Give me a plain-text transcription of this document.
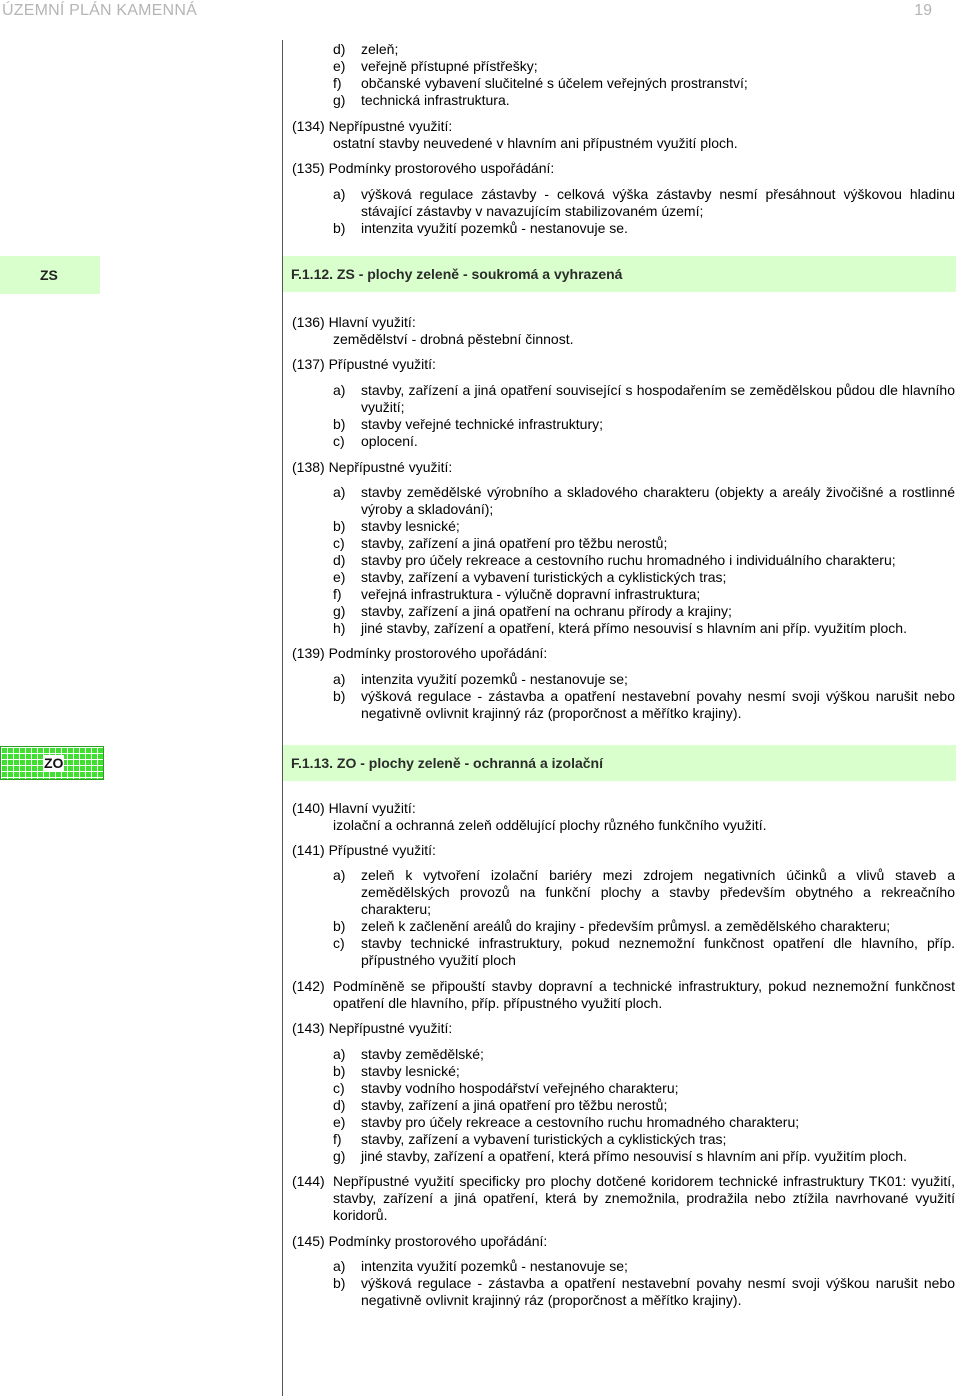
ÚZEMNÍ PLÁN KAMENNÁ	19
d) zeleň;
e) veřejně přístupné přístřešky;
f) občanské vybavení slučitelné s účelem veřejných prostranství;
g) technická infrastruktura.
(134) Nepřípustné využití:
ostatní stavby neuvedené v hlavním ani přípustném využití ploch.
(135) Podmínky prostorového uspořádání:
a) výšková regulace zástavby - celková výška zástavby nesmí přesáhnout výškovou hladinu stávající zástavby v navazujícím stabilizovaném území;
b) intenzita využití pozemků - nestanovuje se.
ZS	F.1.12. ZS - plochy zeleně - soukromá a vyhrazená
(136) Hlavní využití:
zemědělství - drobná pěstební činnost.
(137) Přípustné využití:
a) stavby, zařízení a jiná opatření související s hospodařením se zemědělskou půdou dle hlavního využití;
b) stavby veřejné technické infrastruktury;
c) oplocení.
(138) Nepřípustné využití:
a) stavby zemědělské výrobního a skladového charakteru (objekty a areály živočišné a rostlinné výroby a skladování);
b) stavby lesnické;
c) stavby, zařízení a jiná opatření pro těžbu nerostů;
d) stavby pro účely rekreace a cestovního ruchu hromadného i individuálního charakteru;
e) stavby, zařízení a vybavení turistických a cyklistických tras;
f) veřejná infrastruktura - výlučně dopravní infrastruktura;
g) stavby, zařízení a jiná opatření na ochranu přírody a krajiny;
h) jiné stavby, zařízení a opatření, která přímo nesouvisí s hlavním ani příp. využitím ploch.
(139) Podmínky prostorového upořádání:
a) intenzita využití pozemků - nestanovuje se;
b) výšková regulace - zástavba a opatření nestavební povahy nesmí svoji výškou narušit nebo negativně ovlivnit krajinný ráz (proporčnost a měřítko krajiny).
ZO	F.1.13. ZO - plochy zeleně - ochranná a izolační
(140) Hlavní využití:
izolační a ochranná zeleň oddělující plochy různého funkčního využití.
(141) Přípustné využití:
a) zeleň k vytvoření izolační bariéry mezi zdrojem negativních účinků a vlivů staveb a zemědělských provozů na funkční plochy a stavby především obytného a rekreačního charakteru;
b) zeleň k začlenění areálů do krajiny - především průmysl. a zemědělského charakteru;
c) stavby technické infrastruktury, pokud neznemožní funkčnost opatření dle hlavního, příp. přípustného využití ploch
(142) Podmíněně se připouští stavby dopravní a technické infrastruktury, pokud neznemožní funkčnost opatření dle hlavního, příp. přípustného využití ploch.
(143) Nepřípustné využití:
a) stavby zemědělské;
b) stavby lesnické;
c) stavby vodního hospodářství veřejného charakteru;
d) stavby, zařízení a jiná opatření pro těžbu nerostů;
e) stavby pro účely rekreace a cestovního ruchu hromadného charakteru;
f) stavby, zařízení a vybavení turistických a cyklistických tras;
g) jiné stavby, zařízení a opatření, která přímo nesouvisí s hlavním ani příp. využitím ploch.
(144) Nepřípustné využití specificky pro plochy dotčené koridorem technické infrastruktury TK01: využití, stavby, zařízení a jiná opatření, která by znemožnila, prodražila nebo ztížila navrhované využití koridorů.
(145) Podmínky prostorového upořádání:
a) intenzita využití pozemků - nestanovuje se;
b) výšková regulace - zástavba a opatření nestavební povahy nesmí svoji výškou narušit nebo negativně ovlivnit krajinný ráz (proporčnost a měřítko krajiny).
